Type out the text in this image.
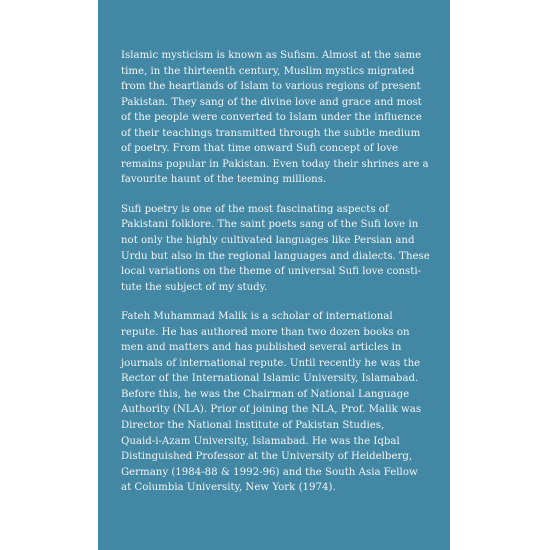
Islamic mysticism is known as Sufism. Almost at the same
time, in the thirteenth century, Muslim mystics migrated
from the heartlands of Islam to various regions of present
Pakistan. They sang of the divine love and grace and most
of the people were converted to Islam under the influence
of their teachings transmitted through the subtle medium
of poetry. From that time onward Sufi concept of love
remains popular in Pakistan. Even today their shrines are a
favourite haunt of the teeming millions.

Sufi poetry is one of the most fascinating aspects of
Pakistani folklore. The saint poets sang of the Sufi love in
not only the highly cultivated languages like Persian and
Urdu but also in the regional languages and dialects. These
local variations on the theme of universal Sufi love consti-
tute the subject of my study.

Fateh Muhammad Malik is a scholar of international
repute. He has authored more than two dozen books on
men and matters and has published several articles in
journals of international repute. Until recently he was the
Rector of the International Islamic University, Islamabad.
Before this, he was the Chairman of National Language
Authority (NLA). Prior of joining the NLA, Prof. Malik was
Director the National Institute of Pakistan Studies,
Quaid-i-Azam University, Islamabad. He was the Iqbal
Distinguished Professor at the University of Heidelberg,
Germany (1984-88 & 1992-96) and the South Asia Fellow
at Columbia University, New York (1974).
